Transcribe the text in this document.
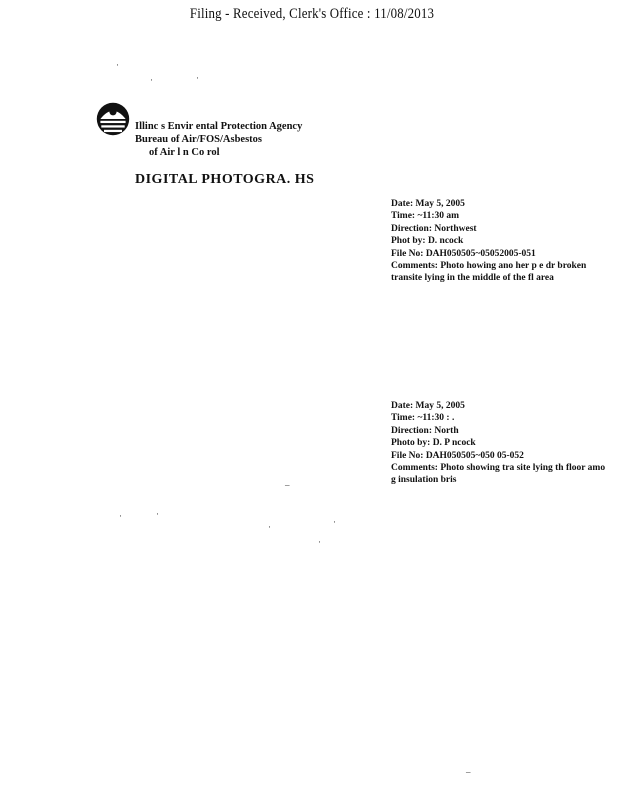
Filing - Received, Clerk's Office : 11/08/2013
·
·	·
–
·	·
·
·
·
–
Illinc s Envir ental Protection Agency
Bureau of Air/FOS/Asbestos
of Air l n Co rol
DIGITAL PHOTOGRA. HS
Date: May 5, 2005
Time: ~11:30 am
Direction: Northwest
Phot by: D. ncock
File No: DAH050505~05052005-051
Comments: Photo howing ano her p e dr broken transite lying in the middle of the fl area
Date: May 5, 2005
Time: ~11:30 : .
Direction: North
Photo by: D. P ncock
File No: DAH050505~050 05-052
Comments: Photo showing tra site lying th floor amo g insulation bris
